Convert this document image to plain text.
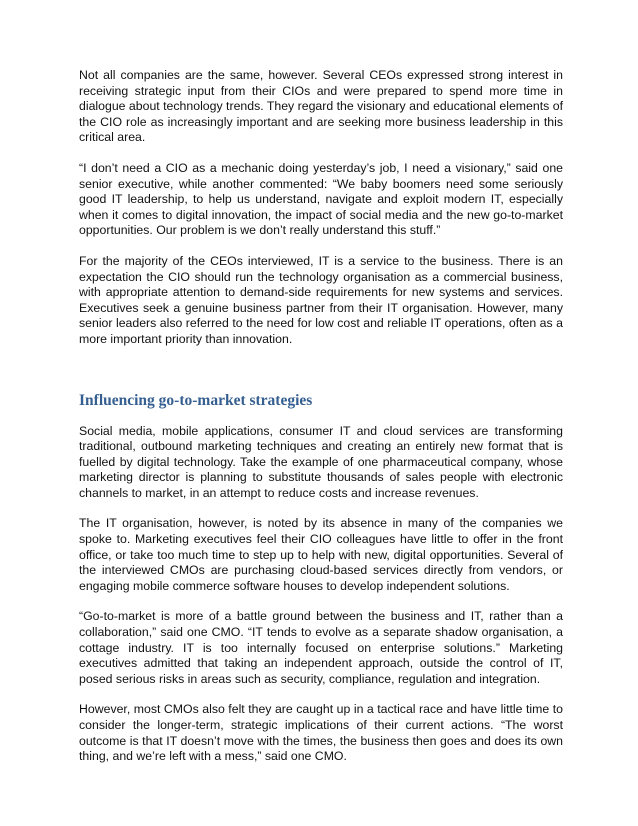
Not all companies are the same, however. Several CEOs expressed strong interest in receiving strategic input from their CIOs and were prepared to spend more time in dialogue about technology trends. They regard the visionary and educational elements of the CIO role as increasingly important and are seeking more business leadership in this critical area.

“I don’t need a CIO as a mechanic doing yesterday’s job, I need a visionary,” said one senior executive, while another commented: “We baby boomers need some seriously good IT leadership, to help us understand, navigate and exploit modern IT, especially when it comes to digital innovation, the impact of social media and the new go-to-market opportunities. Our problem is we don’t really understand this stuff.”

For the majority of the CEOs interviewed, IT is a service to the business. There is an expectation the CIO should run the technology organisation as a commercial business, with appropriate attention to demand-side requirements for new systems and services. Executives seek a genuine business partner from their IT organisation. However, many senior leaders also referred to the need for low cost and reliable IT operations, often as a more important priority than innovation.

Influencing go-to-market strategies

Social media, mobile applications, consumer IT and cloud services are transforming traditional, outbound marketing techniques and creating an entirely new format that is fuelled by digital technology. Take the example of one pharmaceutical company, whose marketing director is planning to substitute thousands of sales people with electronic channels to market, in an attempt to reduce costs and increase revenues.

The IT organisation, however, is noted by its absence in many of the companies we spoke to. Marketing executives feel their CIO colleagues have little to offer in the front office, or take too much time to step up to help with new, digital opportunities. Several of the interviewed CMOs are purchasing cloud-based services directly from vendors, or engaging mobile commerce software houses to develop independent solutions.

“Go-to-market is more of a battle ground between the business and IT, rather than a collaboration,” said one CMO. “IT tends to evolve as a separate shadow organisation, a cottage industry. IT is too internally focused on enterprise solutions.” Marketing executives admitted that taking an independent approach, outside the control of IT, posed serious risks in areas such as security, compliance, regulation and integration.

However, most CMOs also felt they are caught up in a tactical race and have little time to consider the longer-term, strategic implications of their current actions. “The worst outcome is that IT doesn’t move with the times, the business then goes and does its own thing, and we’re left with a mess,” said one CMO.
